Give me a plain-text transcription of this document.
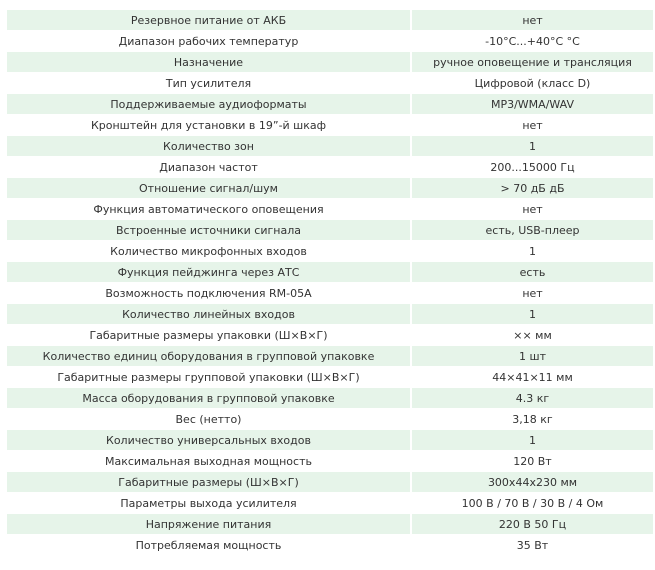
Резервное питание от АКБ	нет
Диапазон рабочих температур	-10°C...+40°C °C
Назначение	ручное оповещение и трансляция
Тип усилителя	Цифровой (класс D)
Поддерживаемые аудиоформаты	MP3/WMA/WAV
Кронштейн для установки в 19”-й шкаф	нет
Количество зон	1
Диапазон частот	200...15000 Гц
Отношение сигнал/шум	> 70 дБ дБ
Функция автоматического оповещения	нет
Встроенные источники сигнала	есть, USB-плеер
Количество микрофонных входов	1
Функция пейджинга через АТС	есть
Возможность подключения RM-05A	нет
Количество линейных входов	1
Габаритные размеры упаковки (Ш×В×Г)	×× мм
Количество единиц оборудования в групповой упаковке	1 шт
Габаритные размеры групповой упаковки (Ш×В×Г)	44×41×11 мм
Масса оборудования в групповой упаковке	4.3 кг
Вес (нетто)	3,18 кг
Количество универсальных входов	1
Максимальная выходная мощность	120 Вт
Габаритные размеры (Ш×В×Г)	300x44x230 мм
Параметры выхода усилителя	100 В / 70 В / 30 В / 4 Ом
Напряжение питания	220 В 50 Гц
Потребляемая мощность	35 Вт
